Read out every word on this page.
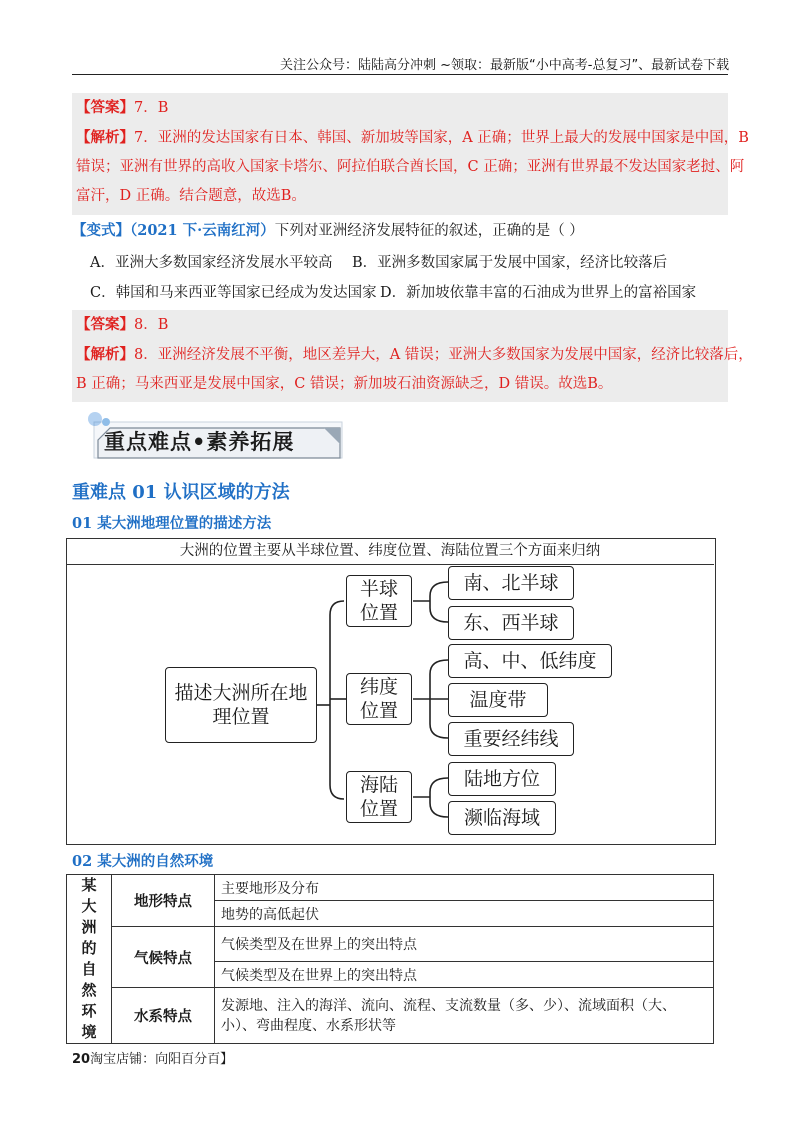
关注公众号：陆陆高分冲刺 ~领取：最新版“小中高考-总复习”、最新试卷下载
【答案】7．B
【解析】7．亚洲的发达国家有日本、韩国、新加坡等国家，A 正确；世界上最大的发展中国家是中国，B
错误；亚洲有世界的高收入国家卡塔尔、阿拉伯联合酋长国，C 正确；亚洲有世界最不发达国家老挝、阿
富汗，D 正确。结合题意，故选B。
【变式】（2021 下·云南红河）下列对亚洲经济发展特征的叙述，正确的是（ ）
A．亚洲大多数国家经济发展水平较高 B．亚洲多数国家属于发展中国家，经济比较落后
C．韩国和马来西亚等国家已经成为发达国家 D．新加坡依靠丰富的石油成为世界上的富裕国家
【答案】8．B
【解析】8．亚洲经济发展不平衡，地区差异大，A 错误；亚洲大多数国家为发展中国家，经济比较落后，
B 正确；马来西亚是发展中国家，C 错误；新加坡石油资源缺乏，D 错误。故选B。
重点难点•素养拓展
重难点 01 认识区域的方法
01 某大洲地理位置的描述方法
大洲的位置主要从半球位置、纬度位置、海陆位置三个方面来归纳
描述大洲所在地理位置
半球位置
纬度位置
海陆位置
南、北半球
东、西半球
高、中、低纬度
温度带
重要经纬线
陆地方位
濒临海域
02 某大洲的自然环境
某大洲的自然环境	地形特点	主要地形及分布
		地势的高低起伏
	气候特点	气候类型及在世界上的突出特点
		气候类型及在世界上的突出特点
	水系特点	发源地、注入的海洋、流向、流程、支流数量（多、少）、流域面积（大、小）、弯曲程度、水系形状等

20淘宝店铺：向阳百分百】
